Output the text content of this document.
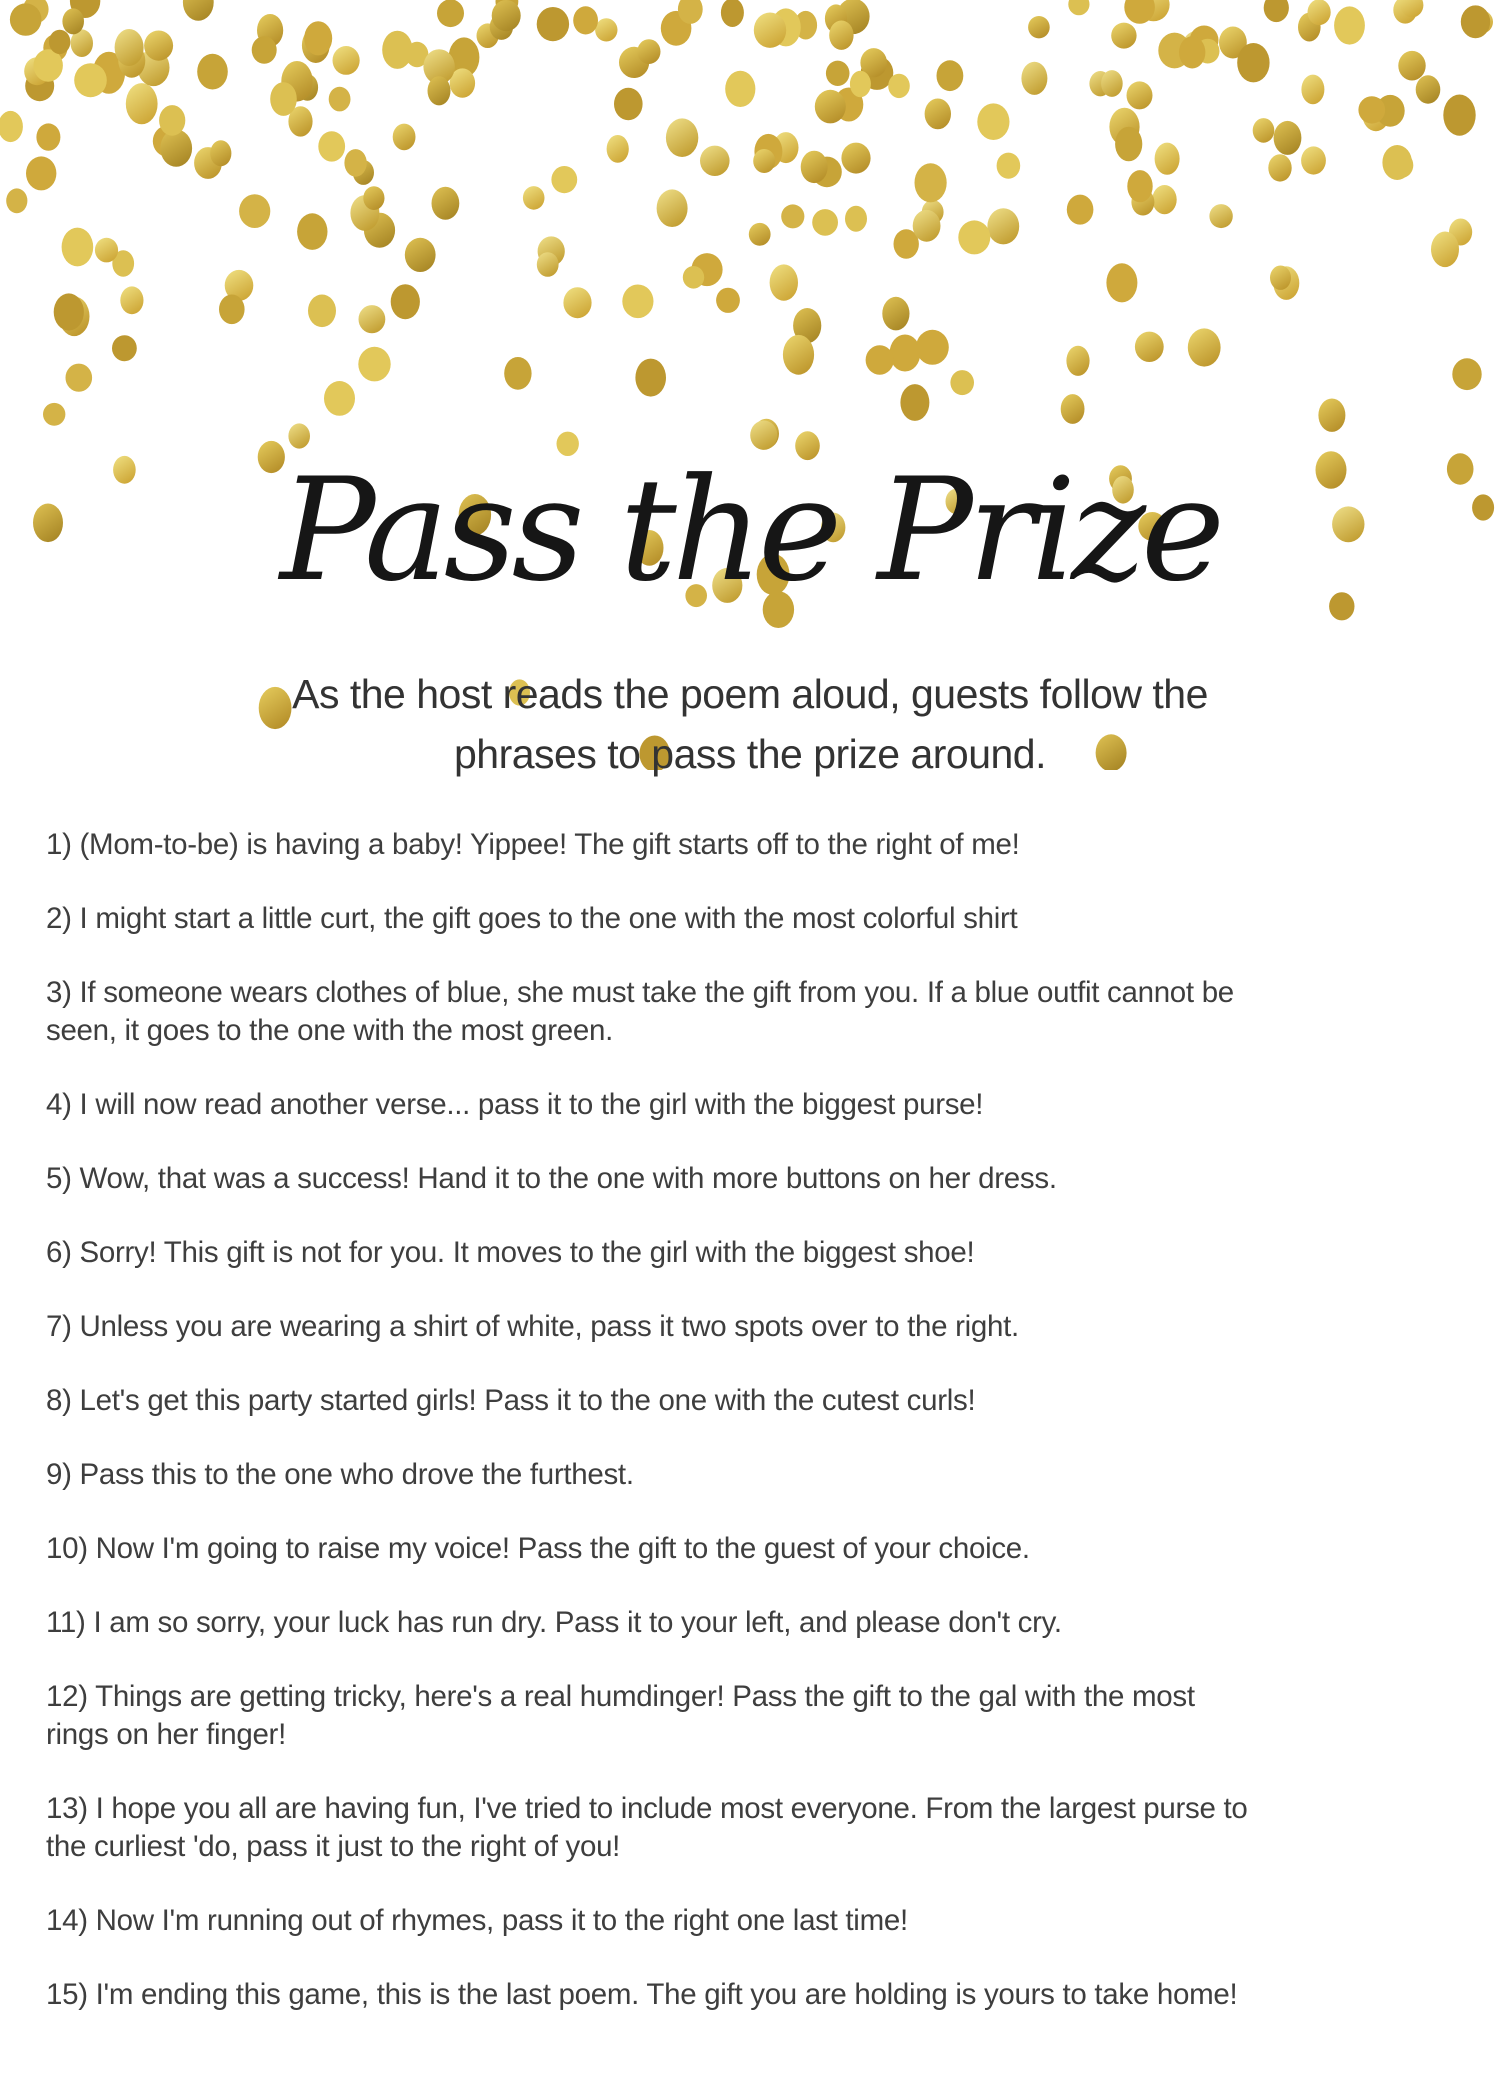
Pass the Prize

As the host reads the poem aloud, guests follow the
phrases to pass the prize around.

1) (Mom-to-be) is having a baby! Yippee! The gift starts off to the right of me!

2) I might start a little curt, the gift goes to the one with the most colorful shirt

3) If someone wears clothes of blue, she must take the gift from you. If a blue outfit cannot be
seen, it goes to the one with the most green.

4) I will now read another verse... pass it to the girl with the biggest purse!

5) Wow, that was a success! Hand it to the one with more buttons on her dress.

6) Sorry! This gift is not for you. It moves to the girl with the biggest shoe!

7) Unless you are wearing a shirt of white, pass it two spots over to the right.

8) Let's get this party started girls! Pass it to the one with the cutest curls!

9) Pass this to the one who drove the furthest.

10) Now I'm going to raise my voice! Pass the gift to the guest of your choice.

11) I am so sorry, your luck has run dry. Pass it to your left, and please don't cry.

12) Things are getting tricky, here's a real humdinger! Pass the gift to the gal with the most
rings on her finger!

13) I hope you all are having fun, I've tried to include most everyone. From the largest purse to
the curliest 'do, pass it just to the right of you!

14) Now I'm running out of rhymes, pass it to the right one last time!

15) I'm ending this game, this is the last poem. The gift you are holding is yours to take home!
